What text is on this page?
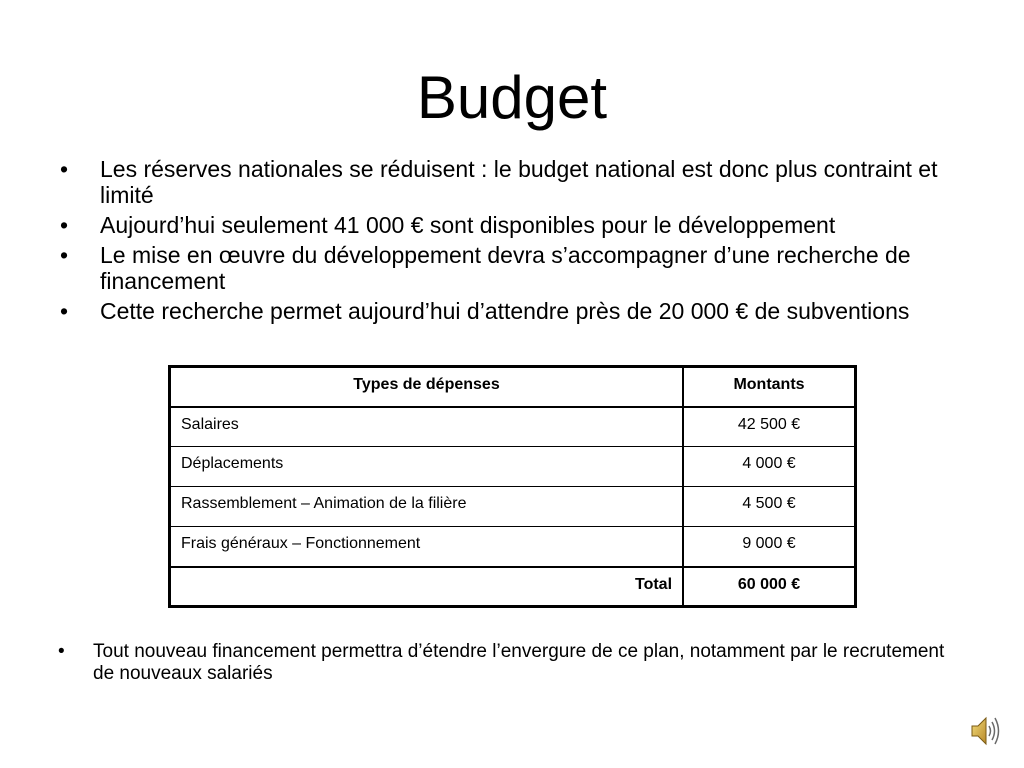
Budget
• Les réserves nationales se réduisent : le budget national est donc plus contraint et limité
• Aujourd’hui seulement 41 000 € sont disponibles pour le développement
• Le mise en œuvre du développement devra s’accompagner d’une recherche de financement
• Cette recherche permet aujourd’hui d’attendre près de 20 000 € de subventions
Types de dépenses	Montants
Salaires	42 500 €
Déplacements	4 000 €
Rassemblement – Animation de la filière	4 500 €
Frais généraux – Fonctionnement	9 000 €
Total	60 000 €
• Tout nouveau financement permettra d’étendre l’envergure de ce plan, notamment par le recrutement de nouveaux salariés
